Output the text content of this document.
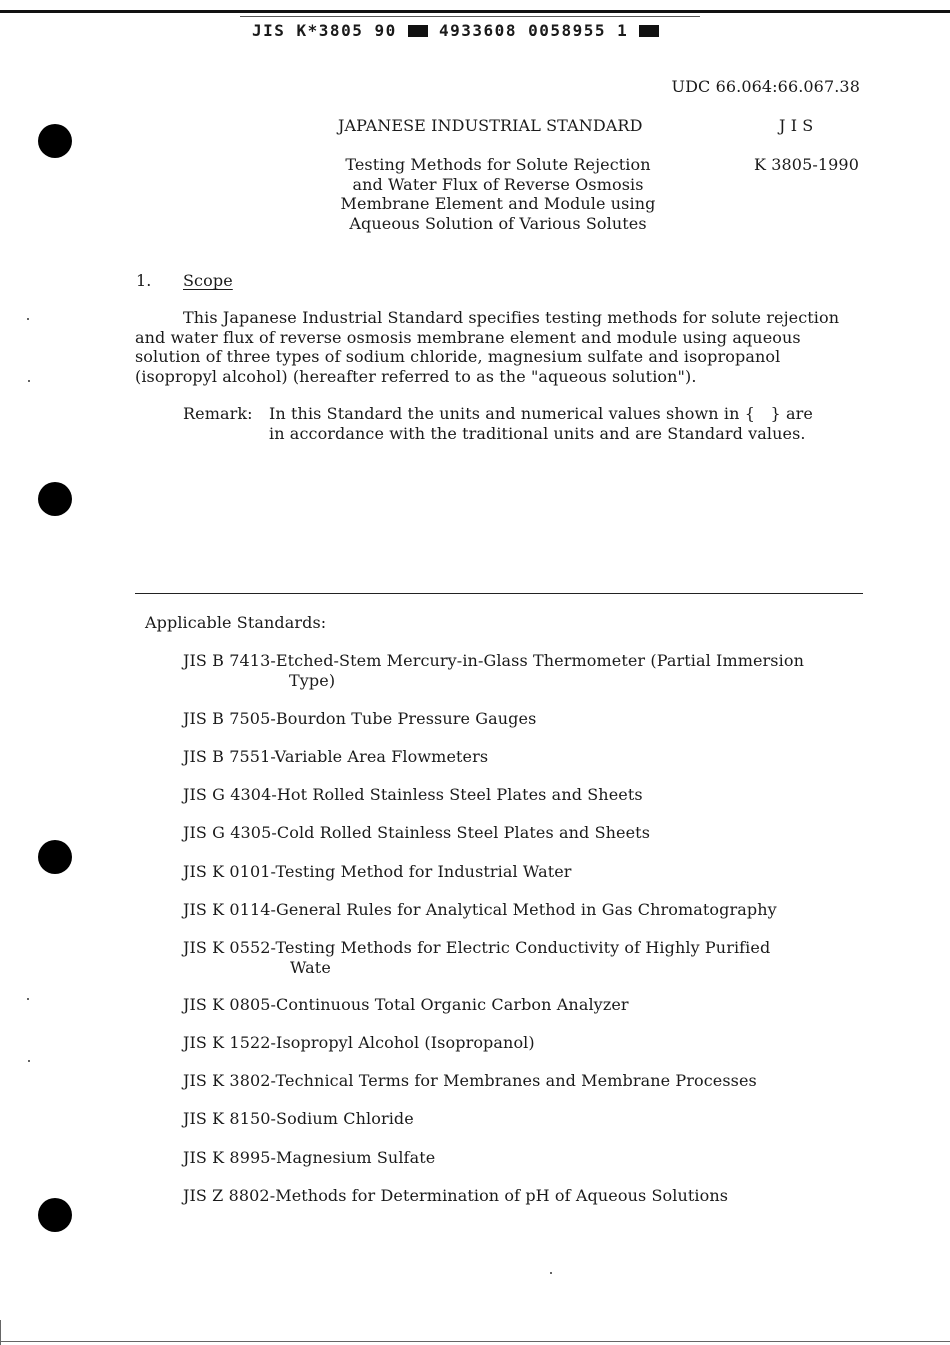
JIS K*3805 90	4933608 0058955 1
UDC 66.064:66.067.38
JAPANESE INDUSTRIAL STANDARD	J I S
K 3805-1990
Testing Methods for Solute Rejection
and Water Flux of Reverse Osmosis
Membrane Element and Module using
Aqueous Solution of Various Solutes
1. Scope
This Japanese Industrial Standard specifies testing methods for solute rejection
and water flux of reverse osmosis membrane element and module using aqueous
solution of three types of sodium chloride, magnesium sulfate and isopropanol
(isopropyl alcohol) (hereafter referred to as the "aqueous solution").
Remark: In this Standard the units and numerical values shown in {   } are
in accordance with the traditional units and are Standard values.
Applicable Standards:
JIS B 7413-Etched-Stem Mercury-in-Glass Thermometer (Partial Immersion
Type)
JIS B 7505-Bourdon Tube Pressure Gauges
JIS B 7551-Variable Area Flowmeters
JIS G 4304-Hot Rolled Stainless Steel Plates and Sheets
JIS G 4305-Cold Rolled Stainless Steel Plates and Sheets
JIS K 0101-Testing Method for Industrial Water
JIS K 0114-General Rules for Analytical Method in Gas Chromatography
JIS K 0552-Testing Methods for Electric Conductivity of Highly Purified
Wate
JIS K 0805-Continuous Total Organic Carbon Analyzer
JIS K 1522-Isopropyl Alcohol (Isopropanol)
JIS K 3802-Technical Terms for Membranes and Membrane Processes
JIS K 8150-Sodium Chloride
JIS K 8995-Magnesium Sulfate
JIS Z 8802-Methods for Determination of pH of Aqueous Solutions
